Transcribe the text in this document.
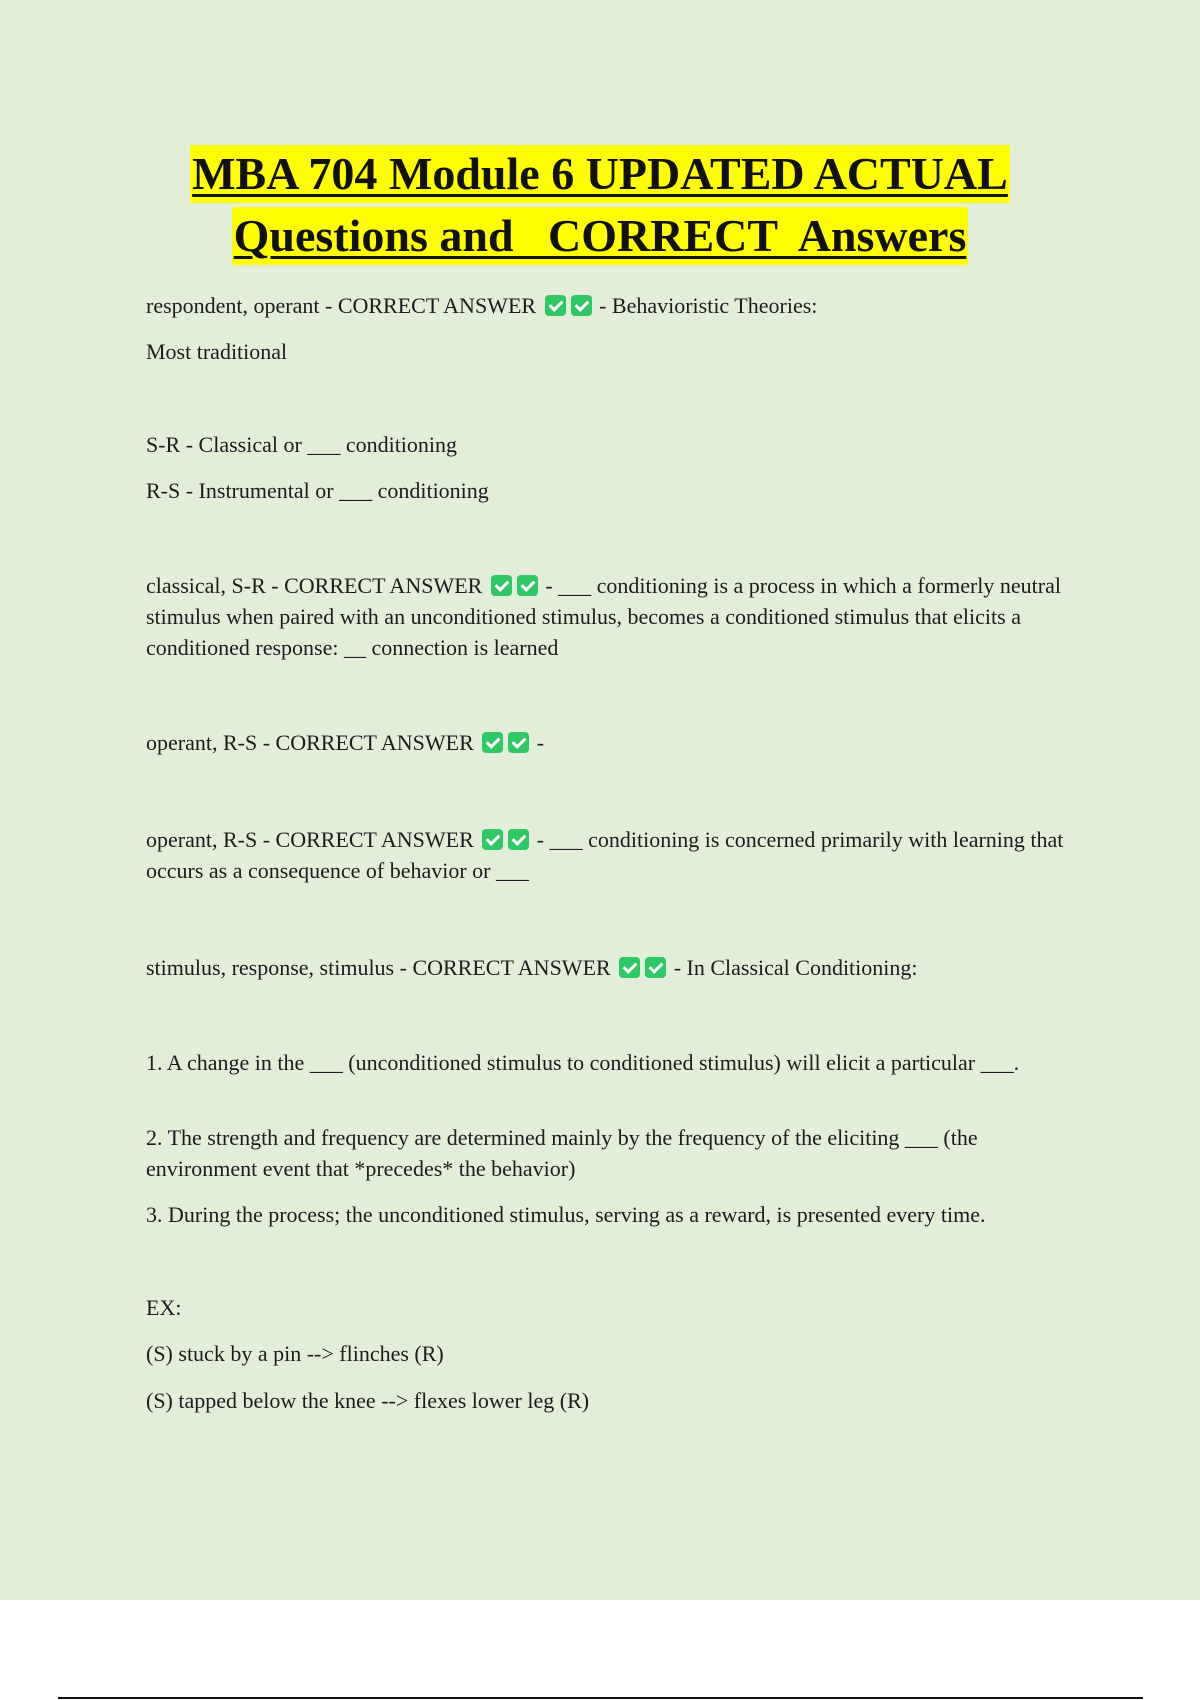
MBA 704 Module 6 UPDATED ACTUAL
Questions and   CORRECT  Answers

respondent, operant - CORRECT ANSWER	- Behavioristic Theories:

Most traditional

S-R - Classical or ___ conditioning

R-S - Instrumental or ___ conditioning

classical, S-R - CORRECT ANSWER	- ___ conditioning is a process in which a formerly neutral stimulus when paired with an unconditioned stimulus, becomes a conditioned stimulus that elicits a conditioned response: __ connection is learned

operant, R-S - CORRECT ANSWER	-

operant, R-S - CORRECT ANSWER	- ___ conditioning is concerned primarily with learning that occurs as a consequence of behavior or ___

stimulus, response, stimulus - CORRECT ANSWER	- In Classical Conditioning:

1. A change in the ___ (unconditioned stimulus to conditioned stimulus) will elicit a particular ___.

2. The strength and frequency are determined mainly by the frequency of the eliciting ___ (the environment event that *precedes* the behavior)

3. During the process; the unconditioned stimulus, serving as a reward, is presented every time.

EX:

(S) stuck by a pin --> flinches (R)

(S) tapped below the knee --> flexes lower leg (R)
